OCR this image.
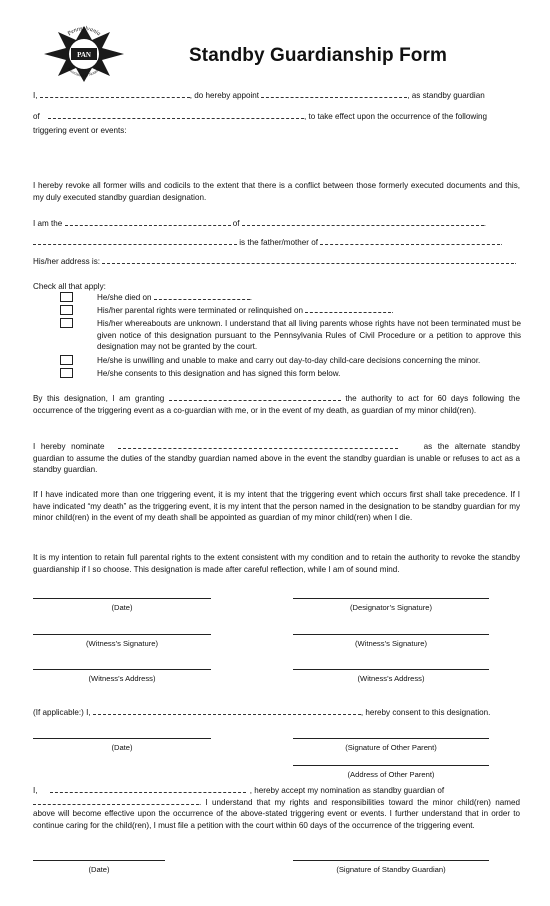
PAN
Pennsylvania
Association of Notaries
Standby Guardianship Form
I,	, do hereby appoint	, as standby guardian
of	, to take effect upon the occurrence of the following
triggering event or events:
I hereby revoke all former wills and codicils to the extent that there is a conflict between those formerly executed documents and this, my duly executed standby guardian designation.
I am the	of	.
is the father/mother of	.
His/her address is:	.
Check all that apply:
He/she died on	.
His/her parental rights were terminated or relinquished on	.
His/her whereabouts are unknown. I understand that all living parents whose rights have not been terminated must be given notice of this designation pursuant to the Pennsylvania Rules of Civil Procedure or a petition to approve this designation may not be granted by the court.
He/she is unwilling and unable to make and carry out day-to-day child-care decisions concerning the minor.
He/she consents to this designation and has signed this form below.
By this designation, I am granting	the authority to act for 60 days following the occurrence of the triggering event as a co-guardian with me, or in the event of my death, as guardian of my minor child(ren).
I hereby nominate	as the alternate standby guardian to assume the duties of the standby guardian named above in the event the standby guardian is unable or refuses to act as a standby guardian.
If I have indicated more than one triggering event, it is my intent that the triggering event which occurs first shall take precedence. If I have indicated “my death” as the triggering event, it is my intent that the person named in the designation to be standby guardian for my minor child(ren) in the event of my death shall be appointed as guardian of my minor child(ren) when I die.
It is my intention to retain full parental rights to the extent consistent with my condition and to retain the authority to revoke the standby guardianship if I so choose. This designation is made after careful reflection, while I am of sound mind.
(Date)	(Designator’s Signature)
(Witness’s Signature)	(Witness’s Signature)
(Witness’s Address)	(Witness’s Address)
(If applicable:) I,	, hereby consent to this designation.
(Date)	(Signature of Other Parent)
(Address of Other Parent)
I,	, hereby accept my nomination as standby guardian of
. I understand that my rights and responsibilities toward the minor child(ren) named above will become effective upon the occurrence of the above-stated triggering event or events. I further understand that in order to continue caring for the child(ren), I must file a petition with the court within 60 days of the occurrence of the triggering event.
(Date)	(Signature of Standby Guardian)
